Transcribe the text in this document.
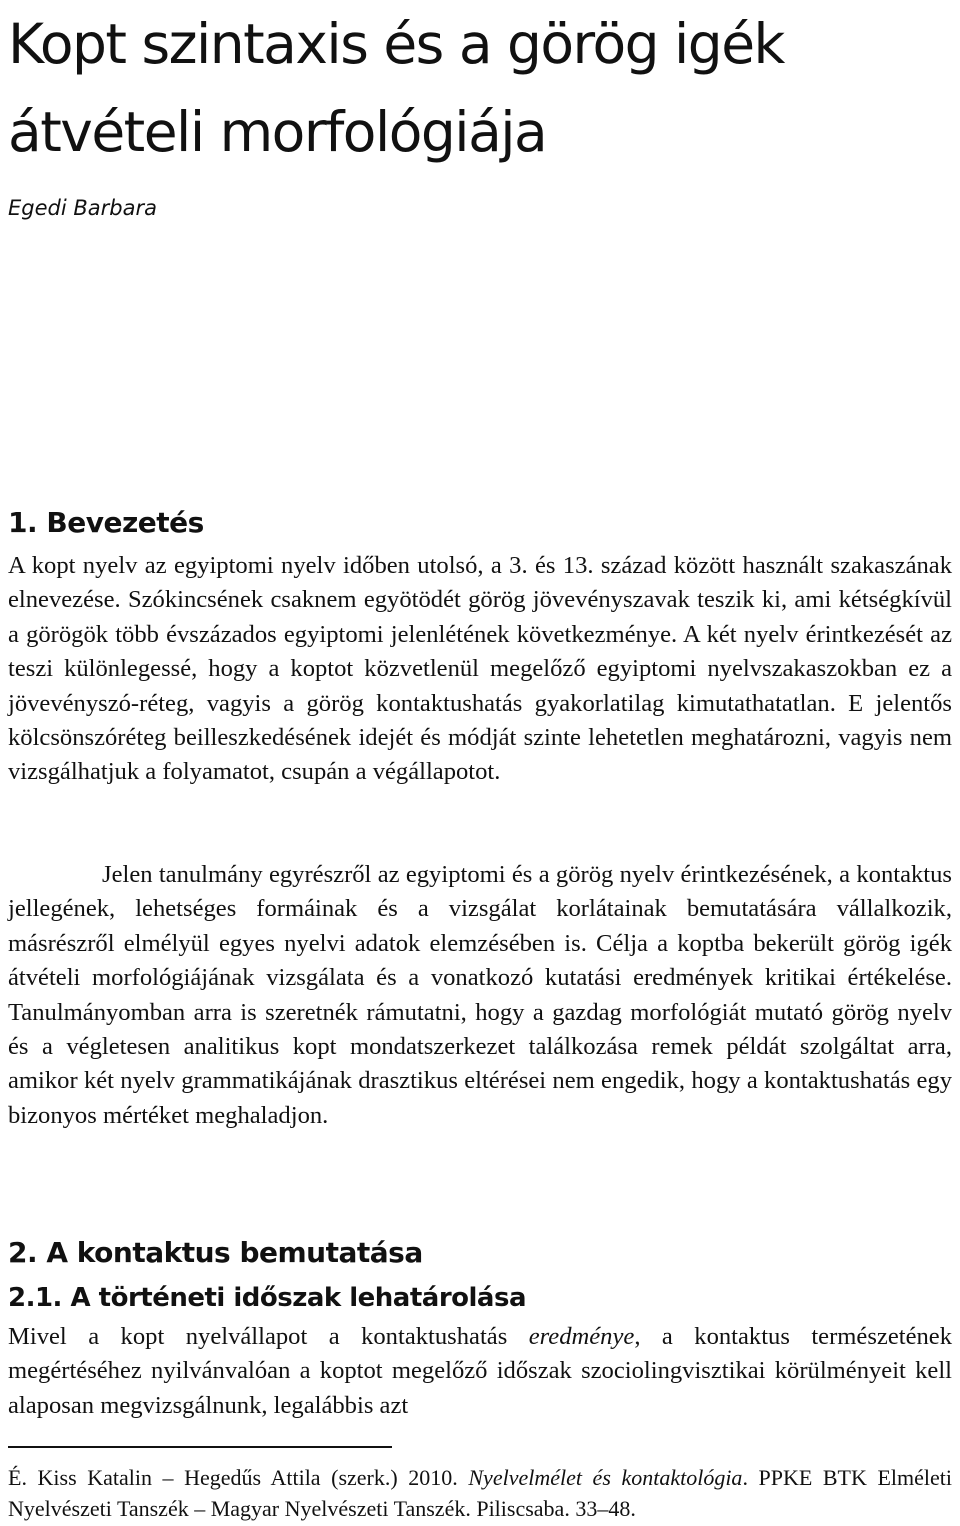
Kopt szintaxis és a görög igék átvételi morfológiája

Egedi Barbara

1. Bevezetés

A kopt nyelv az egyiptomi nyelv időben utolsó, a 3. és 13. század között használt szakaszának elnevezése. Szókincsének csaknem egyötödét görög jövevényszavak teszik ki, ami kétségkívül a görögök több évszázados egyiptomi jelenlétének következménye. A két nyelv érintkezését az teszi különlegessé, hogy a koptot közvetlenül megelőző egyiptomi nyelvszakaszokban ez a jövevényszó-réteg, vagyis a görög kontaktushatás gyakorlatilag kimutathatatlan. E jelentős kölcsönszóréteg beilleszkedésének idejét és módját szinte lehetetlen meghatározni, vagyis nem vizsgálhatjuk a folyamatot, csupán a végállapotot.

Jelen tanulmány egyrészről az egyiptomi és a görög nyelv érintkezésének, a kontaktus jellegének, lehetséges formáinak és a vizsgálat korlátainak bemutatására vállalkozik, másrészről elmélyül egyes nyelvi adatok elemzésében is. Célja a koptba bekerült görög igék átvételi morfológiájának vizsgálata és a vonatkozó kutatási eredmények kritikai értékelése. Tanulmányomban arra is szeretnék rámutatni, hogy a gazdag morfológiát mutató görög nyelv és a végletesen analitikus kopt mondatszerkezet találkozása remek példát szolgáltat arra, amikor két nyelv grammatikájának drasztikus eltérései nem engedik, hogy a kontaktushatás egy bizonyos mértéket meghaladjon.

2. A kontaktus bemutatása
2.1. A történeti időszak lehatárolása

Mivel a kopt nyelvállapot a kontaktushatás eredménye, a kontaktus természetének megértéséhez nyilvánvalóan a koptot megelőző időszak szociolingvisztikai körülményeit kell alaposan megvizsgálnunk, legalábbis azt

É. Kiss Katalin – Hegedűs Attila (szerk.) 2010. Nyelvelmélet és kontaktológia. PPKE BTK Elméleti Nyelvészeti Tanszék – Magyar Nyelvészeti Tanszék. Piliscsaba. 33–48.
